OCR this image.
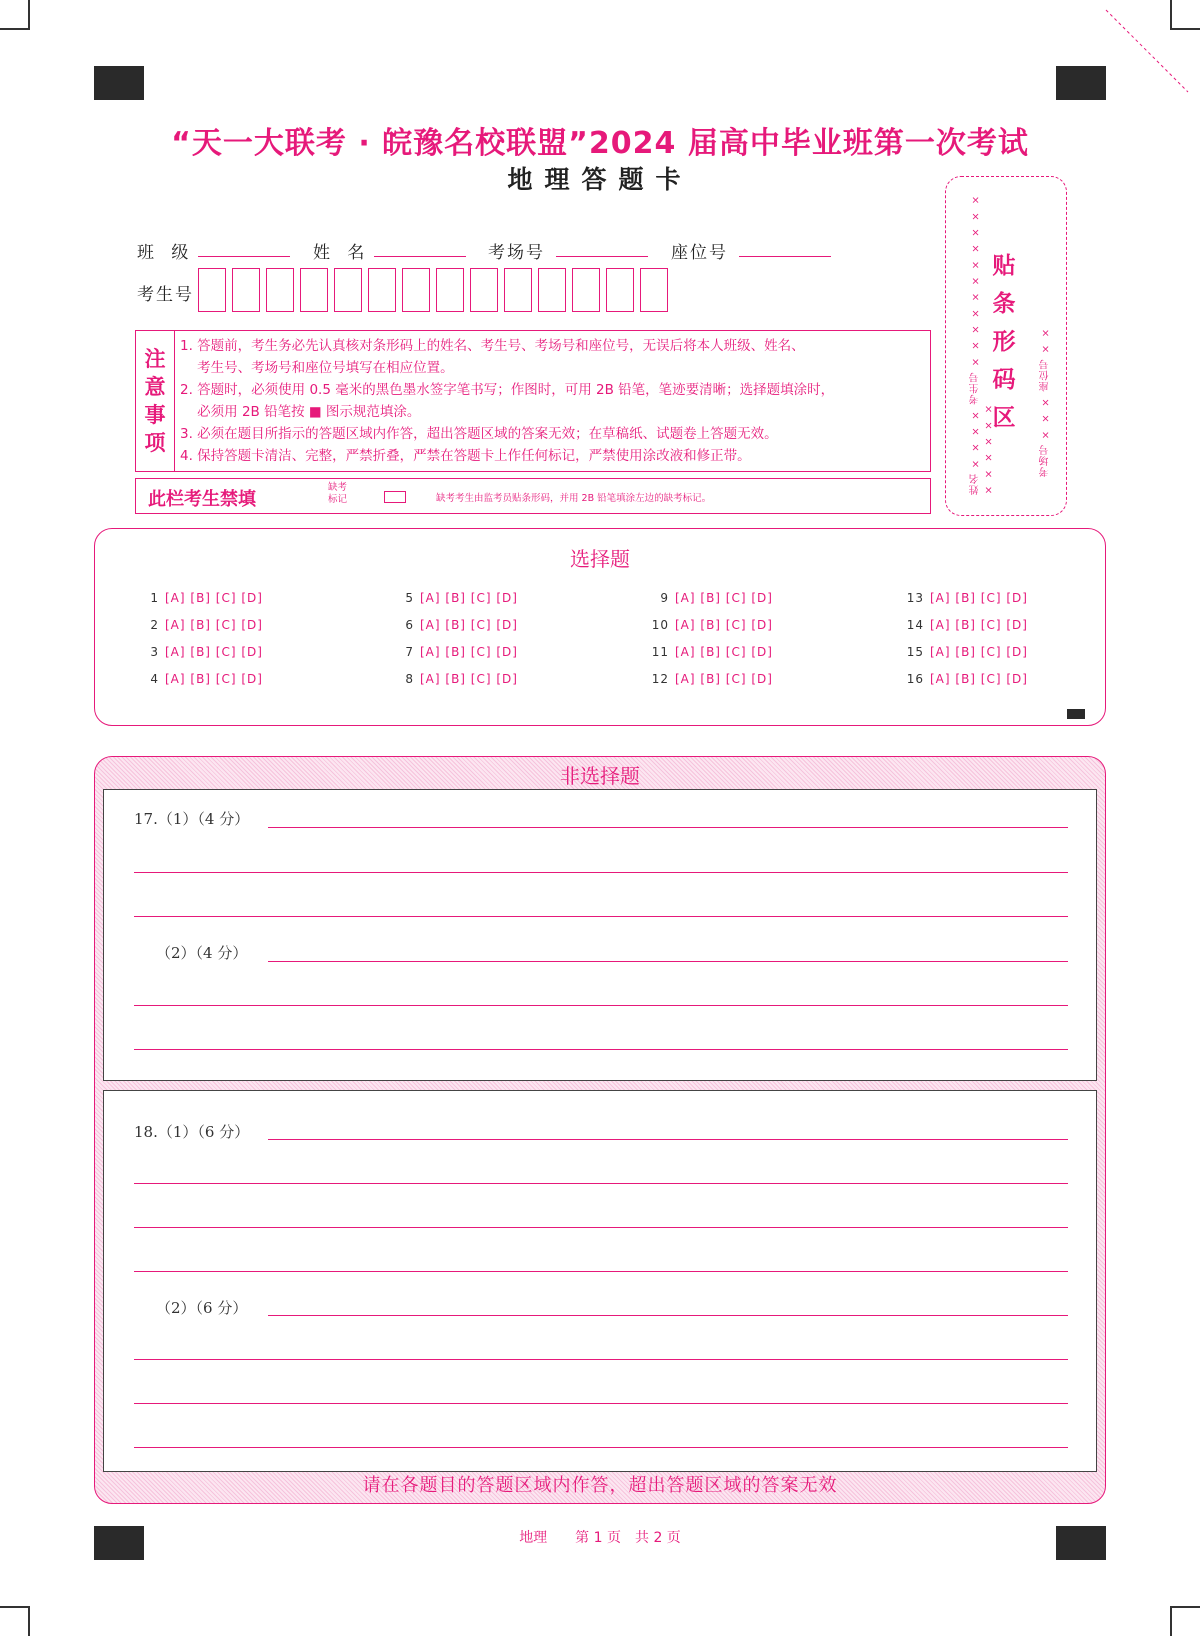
“天一大联考 · 皖豫名校联盟”2024 届高中毕业班第一次考试
地理答题卡
班 级	姓 名	考场号	座位号
考生号
注
意
事
项
1. 答题前，考生务必先认真核对条形码上的姓名、考生号、考场号和座位号，无误后将本人班级、姓名、
考生号、考场号和座位号填写在相应位置。
2. 答题时，必须使用 0.5 毫米的黑色墨水签字笔书写；作图时，可用 2B 铅笔，笔迹要清晰；选择题填涂时，
必须用 2B 铅笔按 ■ 图示规范填涂。
3. 必须在题目所指示的答题区域内作答，超出答题区域的答案无效；在草稿纸、试题卷上答题无效。
4. 保持答题卡清洁、完整，严禁折叠，严禁在答题卡上作任何标记，严禁使用涂改液和修正带。
此栏考生禁填
缺考
标记	缺考考生由监考员贴条形码，并用 2B 铅笔填涂左边的缺考标记。
姓名 × × × × 考生号 × × × × × × × × × × × × × × × × ×
贴条形码区 考场号 × × × 座位号 × ×
选择题
1 [A] [B] [C] [D]
2 [A] [B] [C] [D]
3 [A] [B] [C] [D]
4 [A] [B] [C] [D]
5 [A] [B] [C] [D]
6 [A] [B] [C] [D]
7 [A] [B] [C] [D]
8 [A] [B] [C] [D]
9 [A] [B] [C] [D]
10 [A] [B] [C] [D]
11 [A] [B] [C] [D]
12 [A] [B] [C] [D]
13 [A] [B] [C] [D]
14 [A] [B] [C] [D]
15 [A] [B] [C] [D]
16 [A] [B] [C] [D]
非选择题
17.（1）（4 分）
（2）（4 分）
18.（1）（6 分）
（2）（6 分）
请在各题目的答题区域内作答，超出答题区域的答案无效
地理　　第 1 页　共 2 页
